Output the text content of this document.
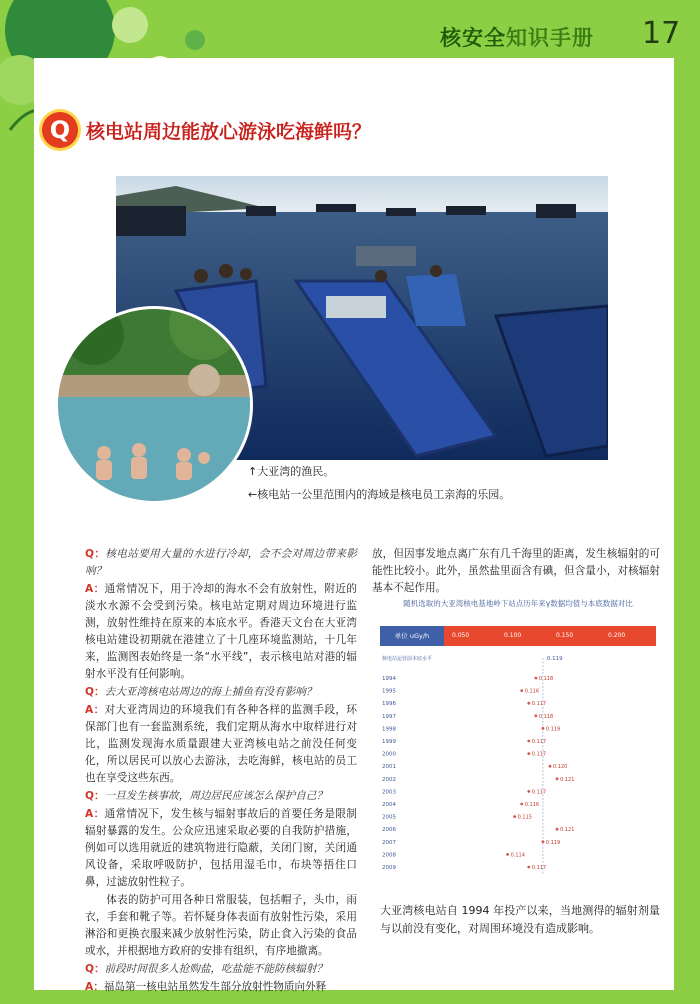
核安全知识手册 17
Q 核电站周边能放心游泳吃海鲜吗？
↑大亚湾的渔民。
←核电站一公里范围内的海域是核电员工亲海的乐园。

Q：核电站要用大量的水进行冷却，会不会对周边带来影响？

A：通常情况下，用于冷却的海水不会有放射性，附近的淡水水源不会受到污染。核电站定期对周边环境进行监测，放射性维持在原来的本底水平。香港天文台在大亚湾核电站建设初期就在港建立了十几座环境监测站，十几年来，监测图表始终是一条“水平线”，表示核电站对港的辐射水平没有任何影响。

Q：去大亚湾核电站周边的海上捕鱼有没有影响？

A：对大亚湾周边的环境我们有各种各样的监测手段，环保部门也有一套监测系统，我们定期从海水中取样进行对比，监测发现海水质量跟建大亚湾核电站之前没任何变化，所以居民可以放心去游泳，去吃海鲜，核电站的员工也在享受这些东西。

Q：一旦发生核事故，周边居民应该怎么保护自己？

A：通常情况下，发生核与辐射事故后的首要任务是限制辐射暴露的发生。公众应迅速采取必要的自我防护措施，例如可以选用就近的建筑物进行隐蔽，关闭门窗，关闭通风设备，采取呼吸防护，包括用湿毛巾，布块等捂住口鼻，过滤放射性粒子。

体表的防护可用各种日常服装，包括帽子，头巾，雨衣，手套和靴子等。若怀疑身体表面有放射性污染，采用淋浴和更换衣服来减少放射性污染，防止食入污染的食品或水，并根据地方政府的安排有组织，有序地撤离。

Q：前段时间很多人抢购盐，吃盐能不能防核辐射？

A：福岛第一核电站虽然发生部分放射性物质向外释

放，但因事发地点离广东有几千海里的距离，发生核辐射的可能性比较小。此外，虽然盐里面含有碘，但含量小，对核辐射基本不起作用。

随机选取的大亚湾核电基地岭下站点历年来γ数据均值与本底数据对比
单位 uGy/h	0.050	0.100	0.150	0.200
核电站运营前本底水平	0.119
1994	0.118
1995	0.116
1996	0.117
1997	0.118
1998	0.119
1999	0.117
2000	0.117
2001	0.120
2002	0.121
2003	0.117
2004	0.116
2005	0.115
2006	0.121
2007	0.119
2008	0.114
2009	0.117
大亚湾核电站自 1994 年投产以来，当地测得的辐射剂量与以前没有变化，对周围环境没有造成影响。
